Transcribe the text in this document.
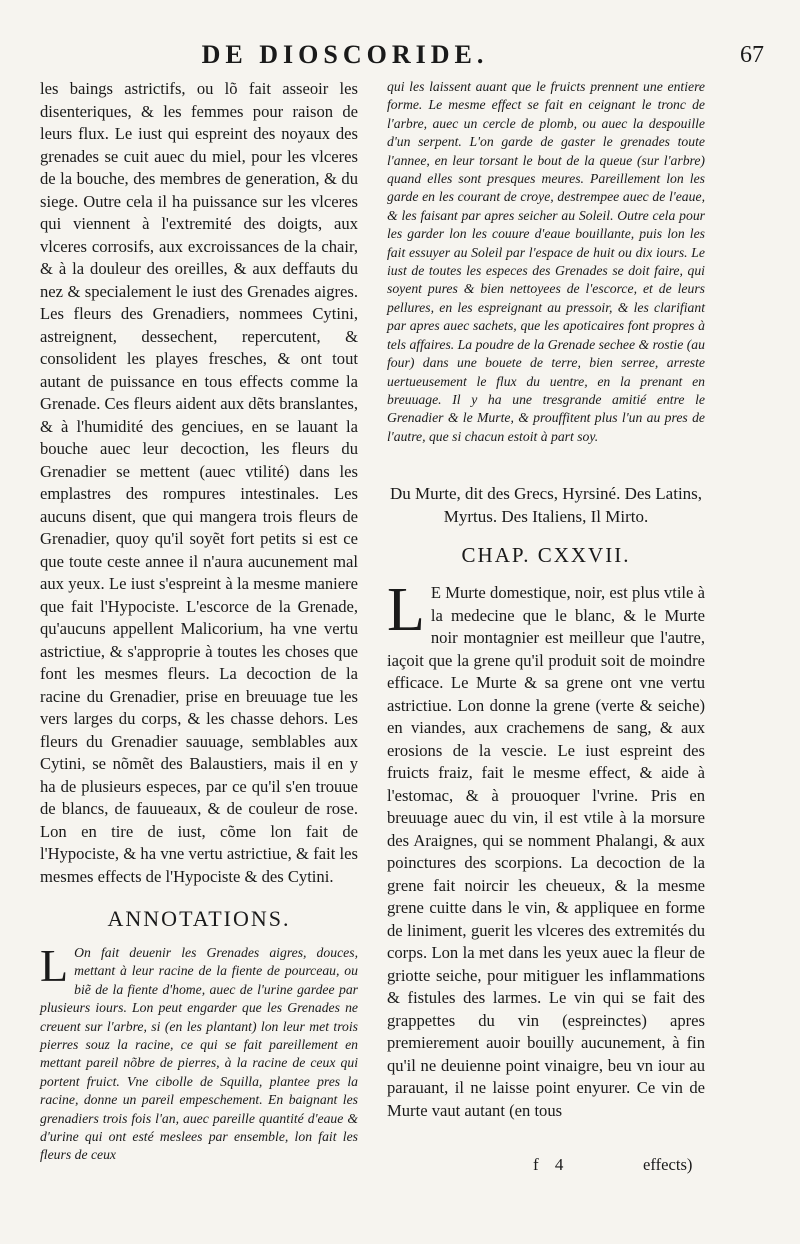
DE DIOSCORIDE.	67

les baings astrictifs, ou lõ fait asseoir les disenteriques, & les femmes pour raison de leurs flux. Le iust qui espreint des noyaux des grenades se cuit auec du miel, pour les vlceres de la bouche, des membres de generation, & du siege. Outre cela il ha puissance sur les vlceres qui viennent à l'extremité des doigts, aux vlceres corrosifs, aux excroissances de la chair, & à la douleur des oreilles, & aux deffauts du nez & specialement le iust des Grenades aigres. Les fleurs des Grenadiers, nommees Cytini, astreignent, dessechent, repercutent, & consolident les playes fresches, & ont tout autant de puissance en tous effects comme la Grenade. Ces fleurs aident aux dẽts branslantes, & à l'humidité des genciues, en se lauant la bouche auec leur decoction, les fleurs du Grenadier se mettent (auec vtilité) dans les emplastres des rompures intestinales. Les aucuns disent, que qui mangera trois fleurs de Grenadier, quoy qu'il soyẽt fort petits si est ce que toute ceste annee il n'aura aucunement mal aux yeux. Le iust s'espreint à la mesme maniere que fait l'Hypociste. L'escorce de la Grenade, qu'aucuns appellent Malicorium, ha vne vertu astrictiue, & s'approprie à toutes les choses que font les mesmes fleurs. La decoction de la racine du Grenadier, prise en breuuage tue les vers larges du corps, & les chasse dehors. Les fleurs du Grenadier sauuage, semblables aux Cytini, se nõmẽt des Balaustiers, mais il en y ha de plusieurs especes, par ce qu'il s'en trouue de blancs, de fauueaux, & de couleur de rose. Lon en tire de iust, cõme lon fait de l'Hypociste, & ha vne vertu astrictiue, & fait les mesmes effects de l'Hypociste & des Cytini.

ANNOTATIONS.
L On fait deuenir les Grenades aigres, douces, mettant à leur racine de la fiente de pourceau, ou biẽ de la fiente d'home, auec de l'urine gardee par plusieurs iours. Lon peut engarder que les Grenades ne creuent sur l'arbre, si (en les plantant) lon leur met trois pierres souz la racine, ce qui se fait pareillement en mettant pareil nõbre de pierres, à la racine de ceux qui portent fruict. Vne cibolle de Squilla, plantee pres la racine, donne un pareil empeschement. En baignant les grenadiers trois fois l'an, auec pareille quantité d'eaue & d'urine qui ont esté meslees par ensemble, lon fait les fleurs de ceux

qui les laissent auant que le fruicts prennent une entiere forme. Le mesme effect se fait en ceignant le tronc de l'arbre, auec un cercle de plomb, ou auec la despouille d'un serpent. L'on garde de gaster le grenades toute l'annee, en leur torsant le bout de la queue (sur l'arbre) quand elles sont presques meures. Pareillement lon les garde en les courant de croye, destrempee auec de l'eaue, & les faisant par apres seicher au Soleil. Outre cela pour les garder lon les couure d'eaue bouillante, puis lon les fait essuyer au Soleil par l'espace de huit ou dix iours. Le iust de toutes les especes des Grenades se doit faire, qui soyent pures & bien nettoyees de l'escorce, et de leurs pellures, en les espreignant au pressoir, & les clarifiant par apres auec sachets, que les apoticaires font propres à tels affaires. La poudre de la Grenade sechee & rostie (au four) dans une bouete de terre, bien serree, arreste uertueusement le flux du uentre, en la prenant en breuuage. Il y ha une tresgrande amitié entre le Grenadier & le Murte, & prouffitent plus l'un au pres de l'autre, que si chacun estoit à part soy.

Du Murte, dit des Grecs, Hyrsiné. Des Latins, Myrtus. Des Italiens, Il Mirto.
CHAP. CXXVII.
L E Murte domestique, noir, est plus vtile à la medecine que le blanc, & le Murte noir montagnier est meilleur que l'autre, iaçoit que la grene qu'il produit soit de moindre efficace. Le Murte & sa grene ont vne vertu astrictiue. Lon donne la grene (verte & seiche) en viandes, aux crachemens de sang, & aux erosions de la vescie. Le iust espreint des fruicts fraiz, fait le mesme effect, & aide à l'estomac, & à prouoquer l'vrine. Pris en breuuage auec du vin, il est vtile à la morsure des Araignes, qui se nomment Phalangi, & aux poinctures des scorpions. La decoction de la grene fait noircir les cheueux, & la mesme grene cuitte dans le vin, & appliquee en forme de liniment, guerit les vlceres des extremités du corps. Lon la met dans les yeux auec la fleur de griotte seiche, pour mitiguer les inflammations & fistules des larmes. Le vin qui se fait des grappettes du vin (espreinctes) apres premierement auoir bouilly aucunement, à fin qu'il ne deuienne point vinaigre, beu vn iour au parauant, il ne laisse point enyurer. Ce vin de Murte vaut autant (en tous

f 4	effects)
